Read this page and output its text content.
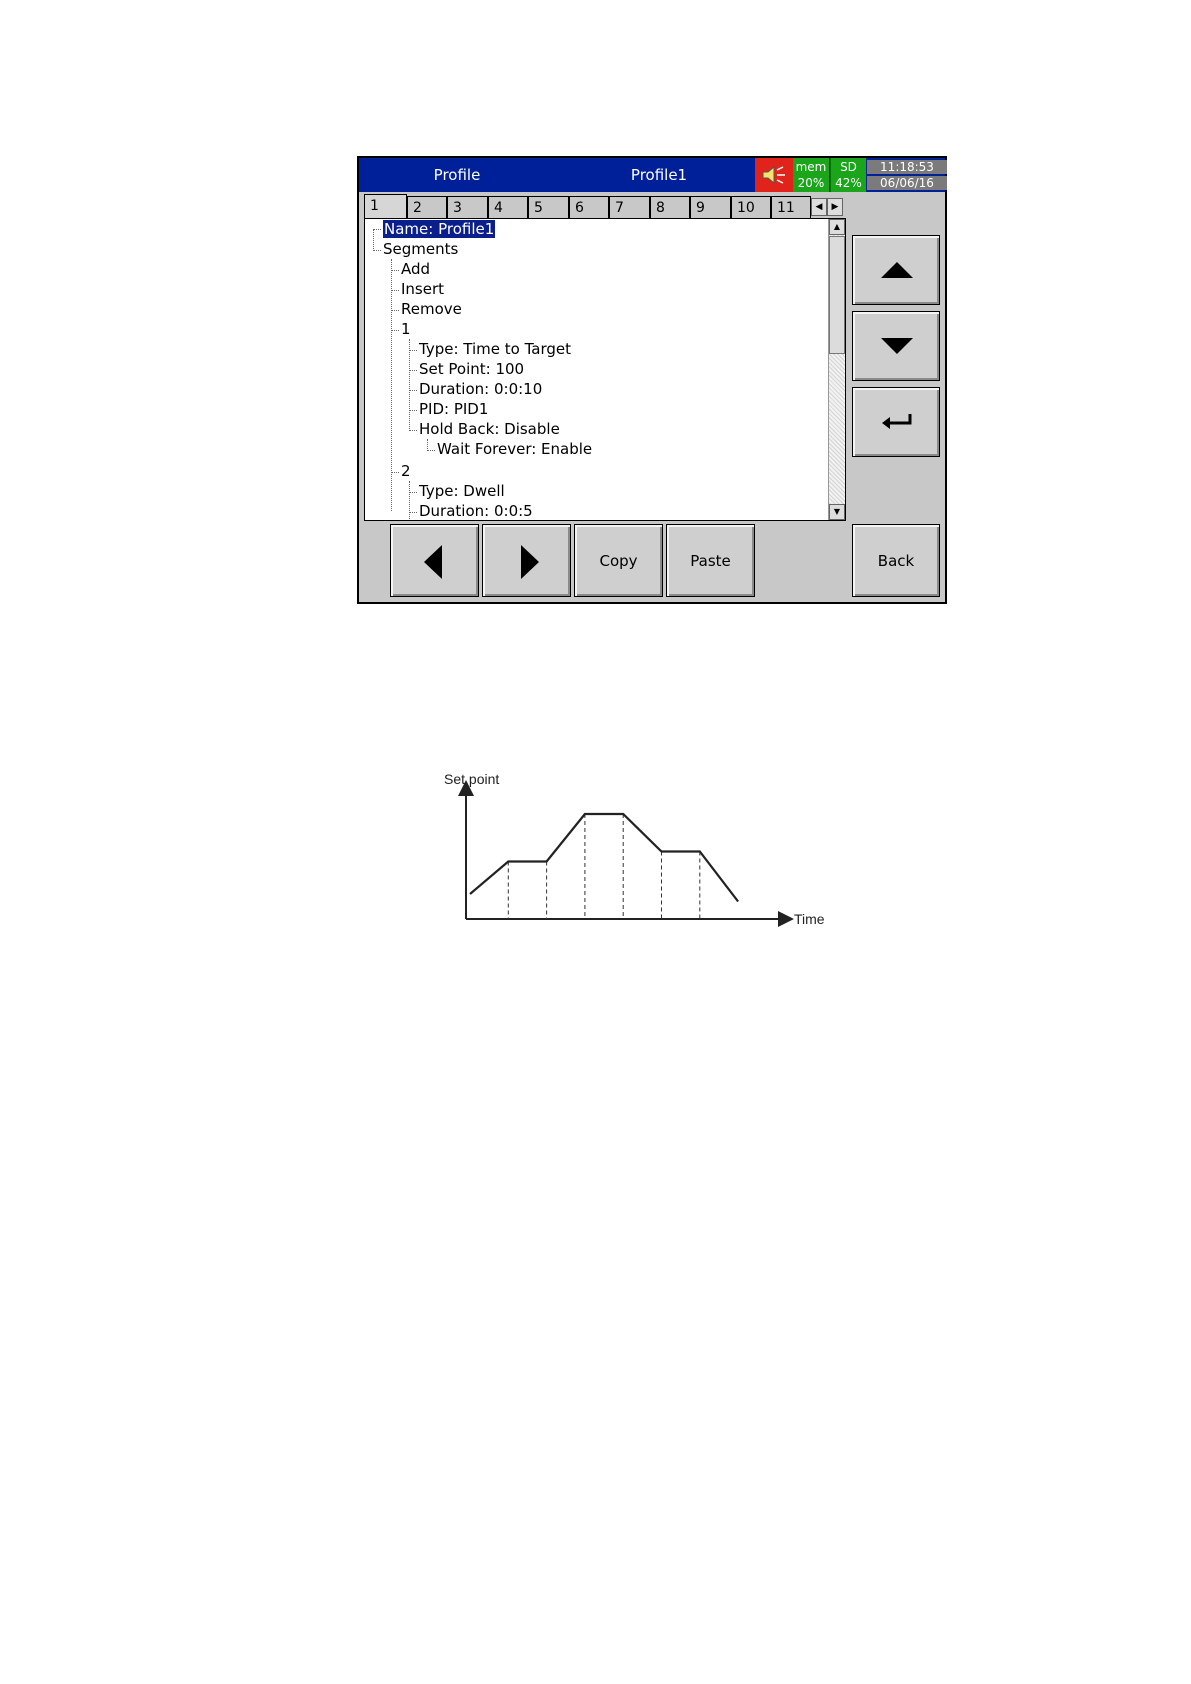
Profile	Profile1	mem
20%
SD
42%
11:18:53
06/06/16
1	2	3	4	5	6	7	8	9	10	11	◀	▶
Name: Profile1
Segments
Add
Insert
Remove
1
Type: Time to Target
Set Point: 100
Duration: 0:0:10
PID: PID1
Hold Back: Disable
Wait Forever: Enable
2
Type: Dwell
Duration: 0:0:5
▲
▼
Copy	Paste	Back
Set point
Time
